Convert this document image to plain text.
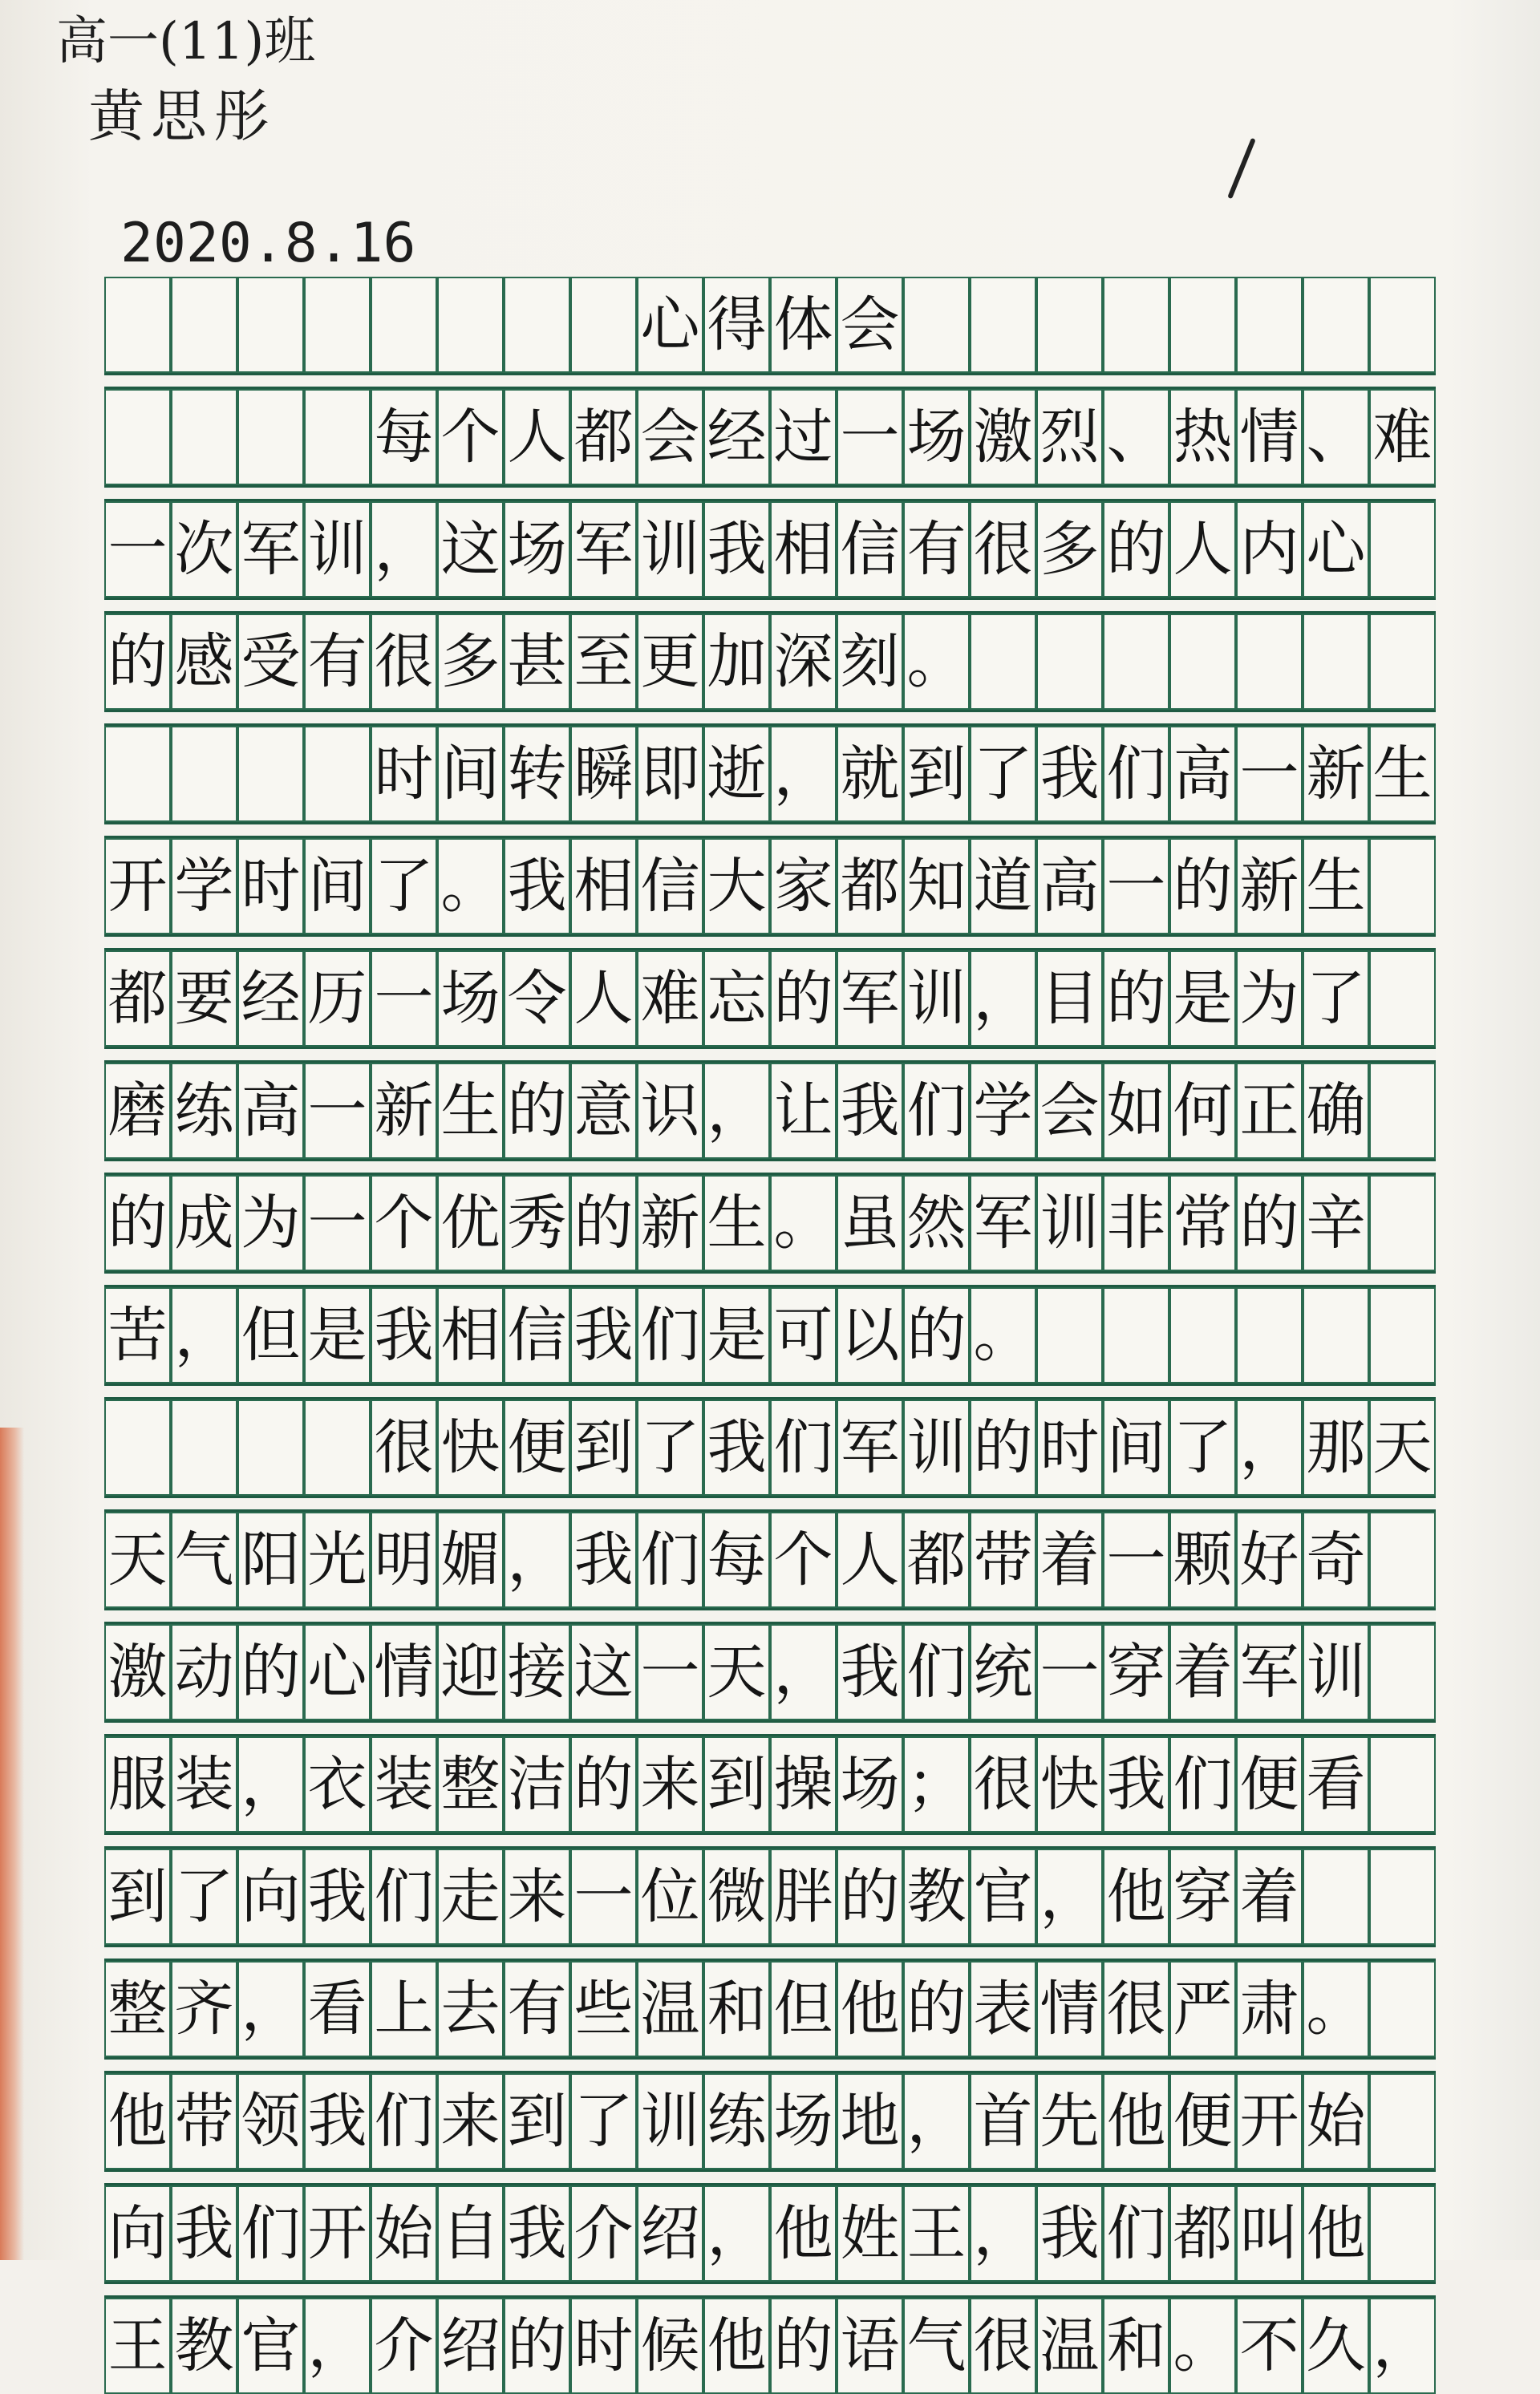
高一(11)班
黄思彤
2020.8.16
心 得 体 会
每 个 人 都 会 经 过 一 场 激 烈 、 热 情 、 难
一 次 军 训 ， 这 场 军 训 我 相 信 有 很 多 的 人 内 心
的 感 受 有 很 多 甚 至 更 加 深 刻 。
时 间 转 瞬 即 逝 ， 就 到 了 我 们 高 一 新 生
开 学 时 间 了 。 我 相 信 大 家 都 知 道 高 一 的 新 生
都 要 经 历 一 场 令 人 难 忘 的 军 训 ， 目 的 是 为 了
磨 练 高 一 新 生 的 意 识 ， 让 我 们 学 会 如 何 正 确
的 成 为 一 个 优 秀 的 新 生 。 虽 然 军 训 非 常 的 辛
苦 ， 但 是 我 相 信 我 们 是 可 以 的 。
很 快 便 到 了 我 们 军 训 的 时 间 了 ， 那 天
天 气 阳 光 明 媚 ， 我 们 每 个 人 都 带 着 一 颗 好 奇
激 动 的 心 情 迎 接 这 一 天 ， 我 们 统 一 穿 着 军 训
服 装 ， 衣 装 整 洁 的 来 到 操 场 ； 很 快 我 们 便 看
到 了 向 我 们 走 来 一 位 微 胖 的 教 官 ， 他 穿 着
整 齐 ， 看 上 去 有 些 温 和 但 他 的 表 情 很 严 肃 。
他 带 领 我 们 来 到 了 训 练 场 地 ， 首 先 他 便 开 始
向 我 们 开 始 自 我 介 绍 ， 他 姓 王 ， 我 们 都 叫 他
王 教 官 ， 介 绍 的 时 候 他 的 语 气 很 温 和 。 不 久 ，
